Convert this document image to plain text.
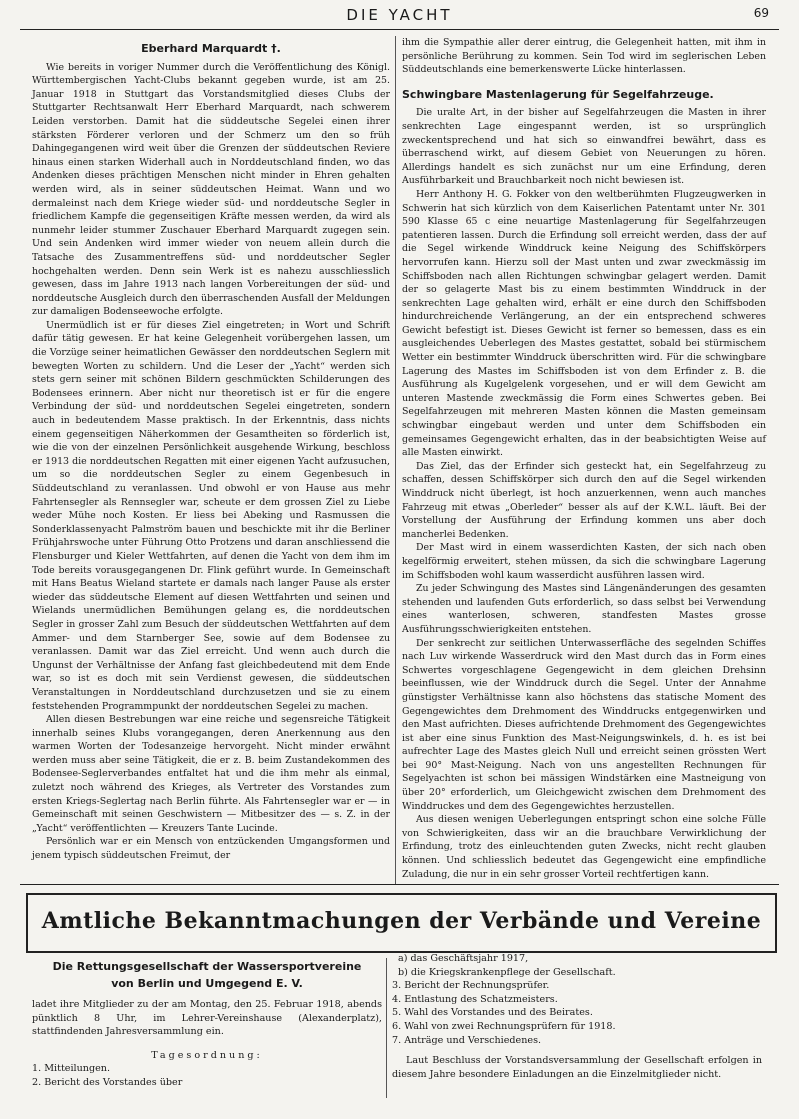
DIE YACHT	69
Eberhard Marquardt †.

Wie bereits in voriger Nummer durch die Veröffentlichung des Königl. Württembergischen Yacht-Clubs bekannt gegeben wurde, ist am 25. Januar 1918 in Stuttgart das Vorstandsmitglied dieses Clubs der Stuttgarter Rechtsanwalt Herr Eberhard Marquardt, nach schwerem Leiden verstorben. Damit hat die süddeutsche Segelei einen ihrer stärksten Förderer verloren und der Schmerz um den so früh Dahingegangenen wird weit über die Grenzen der süddeutschen Reviere hinaus einen starken Widerhall auch in Norddeutschland finden, wo das Andenken dieses prächtigen Menschen nicht minder in Ehren gehalten werden wird, als in seiner süddeutschen Heimat. Wann und wo dermaleinst nach dem Kriege wieder süd- und norddeutsche Segler in friedlichem Kampfe die gegenseitigen Kräfte messen werden, da wird als nunmehr leider stummer Zuschauer Eberhard Marquardt zugegen sein. Und sein Andenken wird immer wieder von neuem allein durch die Tatsache des Zusammentreffens süd- und norddeutscher Segler hochgehalten werden. Denn sein Werk ist es nahezu ausschliesslich gewesen, dass im Jahre 1913 nach langen Vorbereitungen der süd- und norddeutsche Ausgleich durch den überraschenden Ausfall der Meldungen zur damaligen Bodenseewoche erfolgte.

Unermüdlich ist er für dieses Ziel eingetreten; in Wort und Schrift dafür tätig gewesen. Er hat keine Gelegenheit vorübergehen lassen, um die Vorzüge seiner heimatlichen Gewässer den norddeutschen Seglern mit bewegten Worten zu schildern. Und die Leser der „Yacht“ werden sich stets gern seiner mit schönen Bildern geschmückten Schilderungen des Bodensees erinnern. Aber nicht nur theoretisch ist er für die engere Verbindung der süd- und norddeutschen Segelei eingetreten, sondern auch in bedeutendem Masse praktisch. In der Erkenntnis, dass nichts einem gegenseitigen Näherkommen der Gesamtheiten so förderlich ist, wie die von der einzelnen Persönlichkeit ausgehende Wirkung, beschloss er 1913 die norddeutschen Regatten mit einer eigenen Yacht aufzusuchen, um so die norddeutschen Segler zu einem Gegenbesuch in Süddeutschland zu veranlassen. Und obwohl er von Hause aus mehr Fahrtensegler als Rennsegler war, scheute er dem grossen Ziel zu Liebe weder Mühe noch Kosten. Er liess bei Abeking und Rasmussen die Sonderklassenyacht Palmström bauen und beschickte mit ihr die Berliner Frühjahrswoche unter Führung Otto Protzens und daran anschliessend die Flensburger und Kieler Wettfahrten, auf denen die Yacht von dem ihm im Tode bereits vorausgegangenen Dr. Flink geführt wurde. In Gemeinschaft mit Hans Beatus Wieland startete er damals nach langer Pause als erster wieder das süddeutsche Element auf diesen Wettfahrten und seinen und Wielands unermüdlichen Bemühungen gelang es, die norddeutschen Segler in grosser Zahl zum Besuch der süddeutschen Wettfahrten auf dem Ammer- und dem Starnberger See, sowie auf dem Bodensee zu veranlassen. Damit war das Ziel erreicht. Und wenn auch durch die Ungunst der Verhältnisse der Anfang fast gleichbedeutend mit dem Ende war, so ist es doch mit sein Verdienst gewesen, die süddeutschen Veranstaltungen in Norddeutschland durchzusetzen und sie zu einem feststehenden Programmpunkt der norddeutschen Segelei zu machen.

Allen diesen Bestrebungen war eine reiche und segensreiche Tätigkeit innerhalb seines Klubs vorangegangen, deren Anerkennung aus den warmen Worten der Todesanzeige hervorgeht. Nicht minder erwähnt werden muss aber seine Tätigkeit, die er z. B. beim Zustandekommen des Bodensee-Seglerverbandes entfaltet hat und die ihm mehr als einmal, zuletzt noch während des Krieges, als Vertreter des Vorstandes zum ersten Kriegs-Seglertag nach Berlin führte. Als Fahrtensegler war er — in Gemeinschaft mit seinen Geschwistern — Mitbesitzer des — s. Z. in der „Yacht“ veröffentlichten — Kreuzers Tante Lucinde.

Persönlich war er ein Mensch von entzückenden Umgangsformen und jenem typisch süddeutschen Freimut, der

ihm die Sympathie aller derer eintrug, die Gelegenheit hatten, mit ihm in persönliche Berührung zu kommen. Sein Tod wird im seglerischen Leben Süddeutschlands eine bemerkenswerte Lücke hinterlassen.

Schwingbare Mastenlagerung für Segelfahrzeuge.

Die uralte Art, in der bisher auf Segelfahrzeugen die Masten in ihrer senkrechten Lage eingespannt werden, ist so ursprünglich zweckentsprechend und hat sich so einwandfrei bewährt, dass es überraschend wirkt, auf diesem Gebiet von Neuerungen zu hören. Allerdings handelt es sich zunächst nur um eine Erfindung, deren Ausführbarkeit und Brauchbarkeit noch nicht bewiesen ist.

Herr Anthony H. G. Fokker von den weltberühmten Flugzeugwerken in Schwerin hat sich kürzlich von dem Kaiserlichen Patentamt unter Nr. 301 590 Klasse 65 c eine neuartige Mastenlagerung für Segelfahrzeugen patentieren lassen. Durch die Erfindung soll erreicht werden, dass der auf die Segel wirkende Winddruck keine Neigung des Schiffskörpers hervorrufen kann. Hierzu soll der Mast unten und zwar zweckmässig im Schiffsboden nach allen Richtungen schwingbar gelagert werden. Damit der so gelagerte Mast bis zu einem bestimmten Winddruck in der senkrechten Lage gehalten wird, erhält er eine durch den Schiffsboden hindurchreichende Verlängerung, an der ein entsprechend schweres Gewicht befestigt ist. Dieses Gewicht ist ferner so bemessen, dass es ein ausgleichendes Ueberlegen des Mastes gestattet, sobald bei stürmischem Wetter ein bestimmter Winddruck überschritten wird. Für die schwingbare Lagerung des Mastes im Schiffsboden ist von dem Erfinder z. B. die Ausführung als Kugelgelenk vorgesehen, und er will dem Gewicht am unteren Mastende zweckmässig die Form eines Schwertes geben. Bei Segelfahrzeugen mit mehreren Masten können die Masten gemeinsam schwingbar eingebaut werden und unter dem Schiffsboden ein gemeinsames Gegengewicht erhalten, das in der beabsichtigten Weise auf alle Masten einwirkt.

Das Ziel, das der Erfinder sich gesteckt hat, ein Segelfahrzeug zu schaffen, dessen Schiffskörper sich durch den auf die Segel wirkenden Winddruck nicht überlegt, ist hoch anzuerkennen, wenn auch manches Fahrzeug mit etwas „Oberleder“ besser als auf der K.W.L. läuft. Bei der Vorstellung der Ausführung der Erfindung kommen uns aber doch mancherlei Bedenken.

Der Mast wird in einem wasserdichten Kasten, der sich nach oben kegelförmig erweitert, stehen müssen, da sich die schwingbare Lagerung im Schiffsboden wohl kaum wasserdicht ausführen lassen wird.

Zu jeder Schwingung des Mastes sind Längenänderungen des gesamten stehenden und laufenden Guts erforderlich, so dass selbst bei Verwendung eines wanterlosen, schweren, standfesten Mastes grosse Ausführungsschwierigkeiten entstehen.

Der senkrecht zur seitlichen Unterwasserfläche des segelnden Schiffes nach Luv wirkende Wasserdruck wird den Mast durch das in Form eines Schwertes vorgeschlagene Gegengewicht in dem gleichen Drehsinn beeinflussen, wie der Winddruck durch die Segel. Unter der Annahme günstigster Verhältnisse kann also höchstens das statische Moment des Gegengewichtes dem Drehmoment des Winddrucks entgegenwirken und den Mast aufrichten. Dieses aufrichtende Drehmoment des Gegengewichtes ist aber eine sinus Funktion des Mast-Neigungswinkels, d. h. es ist bei aufrechter Lage des Mastes gleich Null und erreicht seinen grössten Wert bei 90° Mast-Neigung. Nach von uns angestellten Rechnungen für Segelyachten ist schon bei mässigen Windstärken eine Mastneigung von über 20° erforderlich, um Gleichgewicht zwischen dem Drehmoment des Winddruckes und dem des Gegengewichtes herzustellen.

Aus diesen wenigen Ueberlegungen entspringt schon eine solche Fülle von Schwierigkeiten, dass wir an die brauchbare Verwirklichung der Erfindung, trotz des einleuchtenden guten Zwecks, nicht recht glauben können. Und schliesslich bedeutet das Gegengewicht eine empfindliche Zuladung, die nur in ein sehr grosser Vorteil rechtfertigen kann.

Amtliche Bekanntmachungen der Verbände und Vereine
Die Rettungsgesellschaft der Wassersportvereine
von Berlin und Umgegend E. V.

ladet ihre Mitglieder zu der am Montag, den 25. Februar 1918, abends pünktlich 8 Uhr, im Lehrer-Vereinshause (Alexanderplatz), stattfindenden Jahresversammlung ein.

Tagesordnung:
1. Mitteilungen.
2. Bericht des Vorstandes über
a) das Geschäftsjahr 1917,
b) die Kriegskrankenpflege der Gesellschaft.
3. Bericht der Rechnungsprüfer.
4. Entlastung des Schatzmeisters.
5. Wahl des Vorstandes und des Beirates.
6. Wahl von zwei Rechnungsprüfern für 1918.
7. Anträge und Verschiedenes.

Laut Beschluss der Vorstandsversammlung der Gesellschaft erfolgen in diesem Jahre besondere Einladungen an die Einzelmitglieder nicht.
